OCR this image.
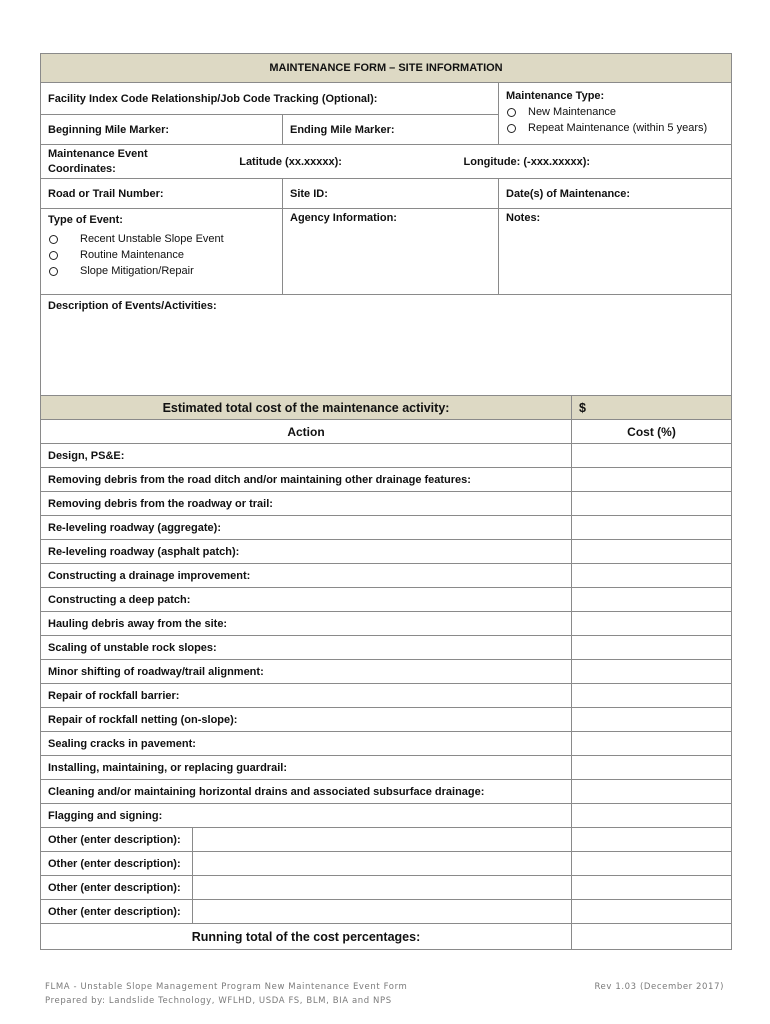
MAINTENANCE FORM – SITE INFORMATION				
Facility Index Code Relationship/Job Code Tracking (Optional):			Maintenance Type:
New Maintenance
Repeat Maintenance (within 5 years)	

Beginning Mile Marker:		Ending Mile Marker:		

Maintenance Event
Coordinates:
Latitude (xx.xxxxx): Longitude: (-xxx.xxxxx):				

Road or Trail Number:		Site ID:	Date(s) of Maintenance:	

Type of Event:
Recent Unstable Slope Event
Routine Maintenance
Slope Mitigation/Repair		Agency Information:	Notes:	
Description of Events/Activities:				
Estimated total cost of the maintenance activity:				$
Action				Cost (%)
Design, PS&E:				
Removing debris from the road ditch and/or maintaining other drainage features:				
Removing debris from the roadway or trail:				
Re-leveling roadway (aggregate):				
Re-leveling roadway (asphalt patch):				
Constructing a drainage improvement:				
Constructing a deep patch:				
Hauling debris away from the site:				
Scaling of unstable rock slopes:				
Minor shifting of roadway/trail alignment:				
Repair of rockfall barrier:				
Repair of rockfall netting (on-slope):				
Sealing cracks in pavement:				
Installing, maintaining, or replacing guardrail:				
Cleaning and/or maintaining horizontal drains and associated subsurface drainage:				
Flagging and signing:				
Other (enter description):				
Other (enter description):				
Other (enter description):				
Other (enter description):				
Running total of the cost percentages:				
FLMA - Unstable Slope Management Program New Maintenance Event Form
Prepared by: Landslide Technology, WFLHD, USDA FS, BLM, BIA and NPS
Rev 1.03 (December 2017)
